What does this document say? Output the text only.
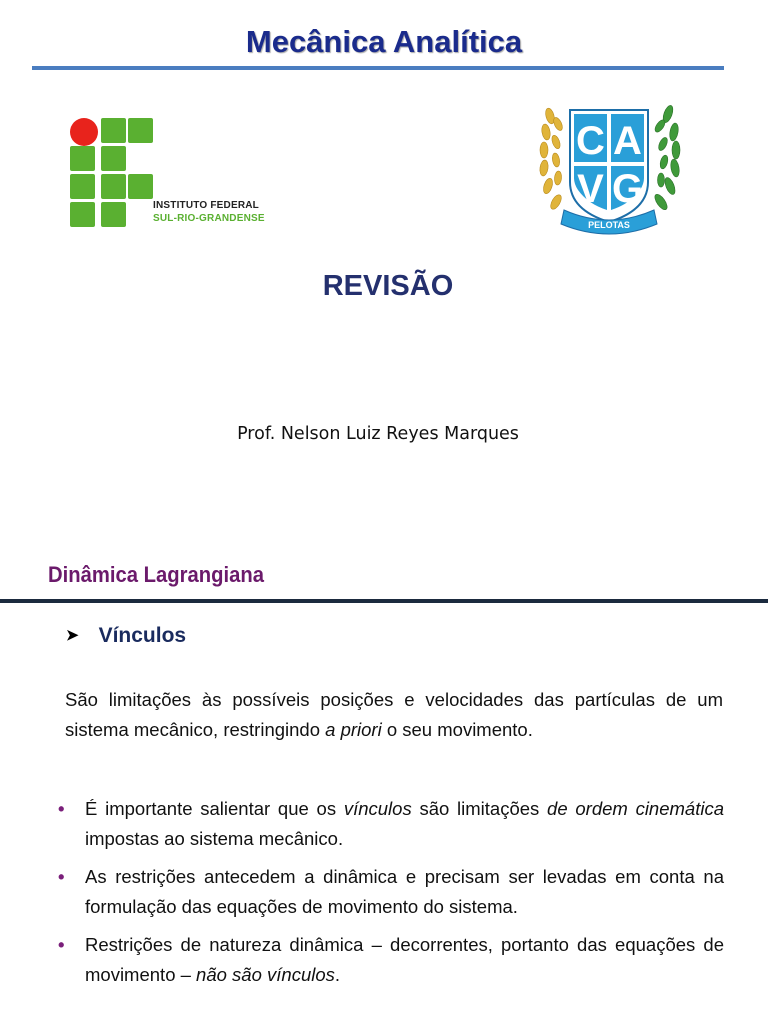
Mecânica Analítica
INSTITUTO FEDERAL
SUL-RIO-GRANDENSE
C A
V G
PELOTAS
REVISÃO
Prof. Nelson Luiz Reyes Marques
Dinâmica Lagrangiana
➤ Vínculos
São limitações às possíveis posições e velocidades das partículas de um sistema mecânico, restringindo a priori o seu movimento.
• É importante salientar que os vínculos são limitações de ordem cinemática impostas ao sistema mecânico.
• As restrições antecedem a dinâmica e precisam ser levadas em conta na formulação das equações de movimento do sistema.
• Restrições de natureza dinâmica – decorrentes, portanto das equações de movimento – não são vínculos.
